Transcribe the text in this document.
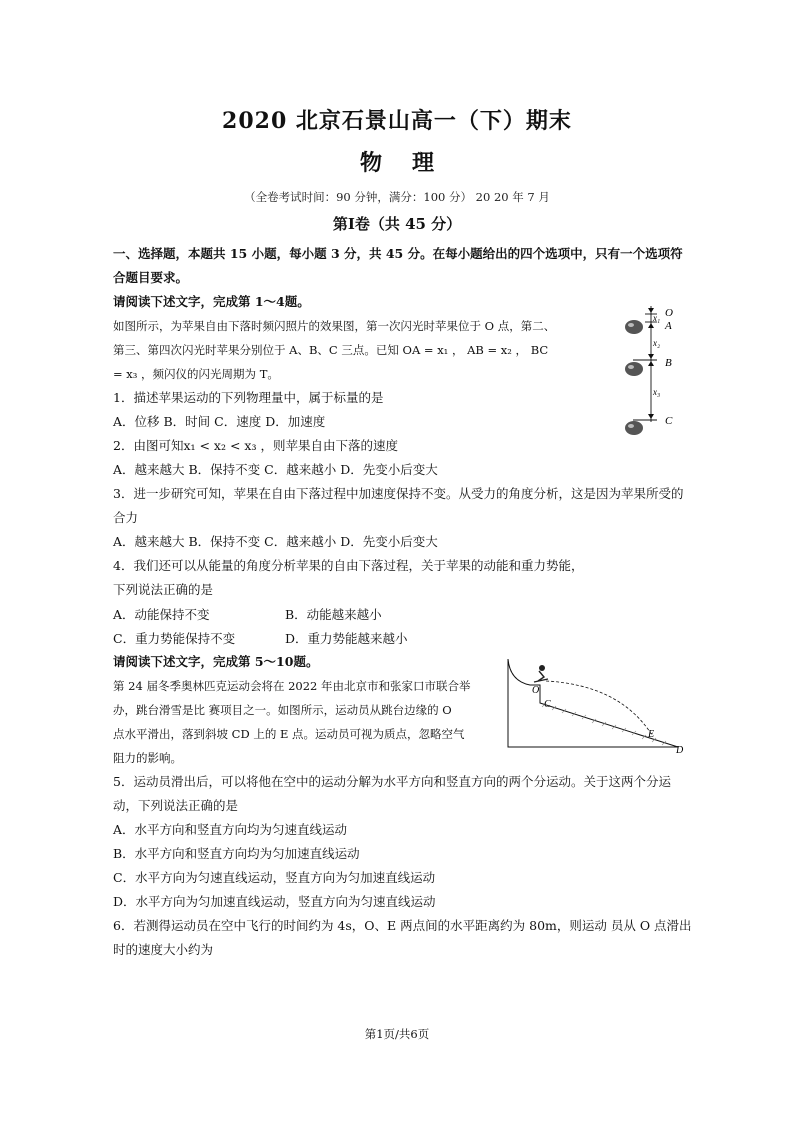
2020 北京石景山高一（下）期末
物理
（全卷考试时间：90 分钟，满分：100 分） 20 20 年 7 月
第Ⅰ卷（共 45 分）
一、选择题，本题共 15 小题，每小题 3 分，共 45 分。在每小题给出的四个选项中，只有一个选项符
合题目要求。
请阅读下述文字，完成第 1～4题。
如图所示，为苹果自由下落时频闪照片的效果图，第一次闪光时苹果位于 O 点，第二、
第三、第四次闪光时苹果分别位于 A、B、C 三点。已知 OA = x₁ ， AB = x₂ ， BC
= x₃ ，频闪仪的闪光周期为 T。
O
A
B
C
x₁
x₂
x₃
1．描述苹果运动的下列物理量中，属于标量的是
A．位移 B．时间 C．速度 D．加速度
2．由图可知x₁ < x₂ < x₃ ，则苹果自由下落的速度
A．越来越大 B．保持不变 C．越来越小 D．先变小后变大
3．进一步研究可知，苹果在自由下落过程中加速度保持不变。从受力的角度分析，这是因为苹果所受的
合力
A．越来越大 B．保持不变 C．越来越小 D．先变小后变大
4．我们还可以从能量的角度分析苹果的自由下落过程，关于苹果的动能和重力势能，
下列说法正确的是
A．动能保持不变	B．动能越来越小
C．重力势能保持不变	D．重力势能越来越小
请阅读下述文字，完成第 5～10题。
第 24 届冬季奥林匹克运动会将在 2022 年由北京市和张家口市联合举
办，跳台滑雪是比 赛项目之一。如图所示，运动员从跳台边缘的 O
点水平滑出，落到斜坡 CD 上的 E 点。运动员可视为质点，忽略空气
阻力的影响。
O
C
E
D
5．运动员滑出后，可以将他在空中的运动分解为水平方向和竖直方向的两个分运动。关于这两个分运
动，下列说法正确的是
A．水平方向和竖直方向均为匀速直线运动
B．水平方向和竖直方向均为匀加速直线运动
C．水平方向为匀速直线运动，竖直方向为匀加速直线运动
D．水平方向为匀加速直线运动，竖直方向为匀速直线运动
6．若测得运动员在空中飞行的时间约为 4s，O、E 两点间的水平距离约为 80m，则运动 员从 O 点滑出
时的速度大小约为
第1页/共6页
